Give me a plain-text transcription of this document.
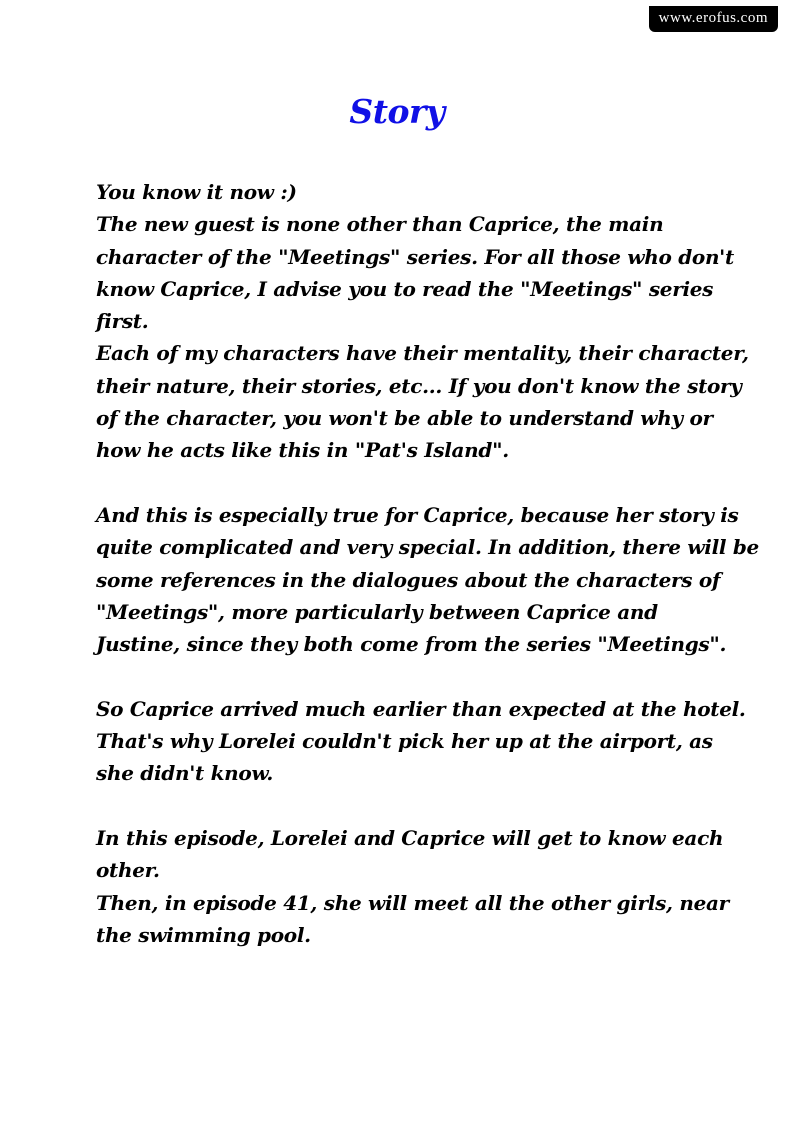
www.erofus.com
Story
You know it now :)
The new guest is none other than Caprice, the main
character of the "Meetings" series. For all those who don't
know Caprice, I advise you to read the "Meetings" series
first.
Each of my characters have their mentality, their character,
their nature, their stories, etc... If you don't know the story
of the character, you won't be able to understand why or
how he acts like this in "Pat's Island".
And this is especially true for Caprice, because her story is
quite complicated and very special. In addition, there will be
some references in the dialogues about the characters of
"Meetings", more particularly between Caprice and
Justine, since they both come from the series "Meetings".
So Caprice arrived much earlier than expected at the hotel.
That's why Lorelei couldn't pick her up at the airport, as
she didn't know.
In this episode, Lorelei and Caprice will get to know each
other.
Then, in episode 41, she will meet all the other girls, near
the swimming pool.
